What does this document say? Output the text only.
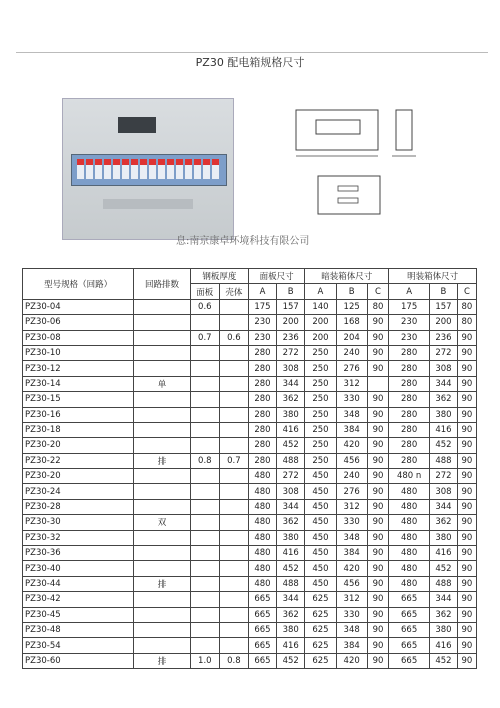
PZ30 配电箱规格尺寸
息:南京康卓环境科技有限公司
型号规格（回路）	回路排数	钢板厚度		面板尺寸		暗装箱体尺寸			明装箱体尺寸		
		面板	壳体	A	B	A	B	C	A	B	C
PZ30-04		0.6		175	157	140	125	80	175	157	80
PZ30-06				230	200	200	168	90	230	200	80
PZ30-08		0.7	0.6	230	236	200	204	90	230	236	90
PZ30-10				280	272	250	240	90	280	272	90
PZ30-12				280	308	250	276	90	280	308	90
PZ30-14	单			280	344	250	312		280	344	90
PZ30-15				280	362	250	330	90	280	362	90
PZ30-16				280	380	250	348	90	280	380	90
PZ30-18				280	416	250	384	90	280	416	90
PZ30-20				280	452	250	420	90	280	452	90
PZ30-22	排	0.8	0.7	280	488	250	456	90	280	488	90
PZ30-20				480	272	450	240	90	480 n	272	90
PZ30-24				480	308	450	276	90	480	308	90
PZ30-28				480	344	450	312	90	480	344	90
PZ30-30	双			480	362	450	330	90	480	362	90
PZ30-32				480	380	450	348	90	480	380	90
PZ30-36				480	416	450	384	90	480	416	90
PZ30-40				480	452	450	420	90	480	452	90
PZ30-44	排			480	488	450	456	90	480	488	90
PZ30-42				665	344	625	312	90	665	344	90
PZ30-45				665	362	625	330	90	665	362	90
PZ30-48				665	380	625	348	90	665	380	90
PZ30-54				665	416	625	384	90	665	416	90
PZ30-60	排	1.0	0.8	665	452	625	420	90	665	452	90
